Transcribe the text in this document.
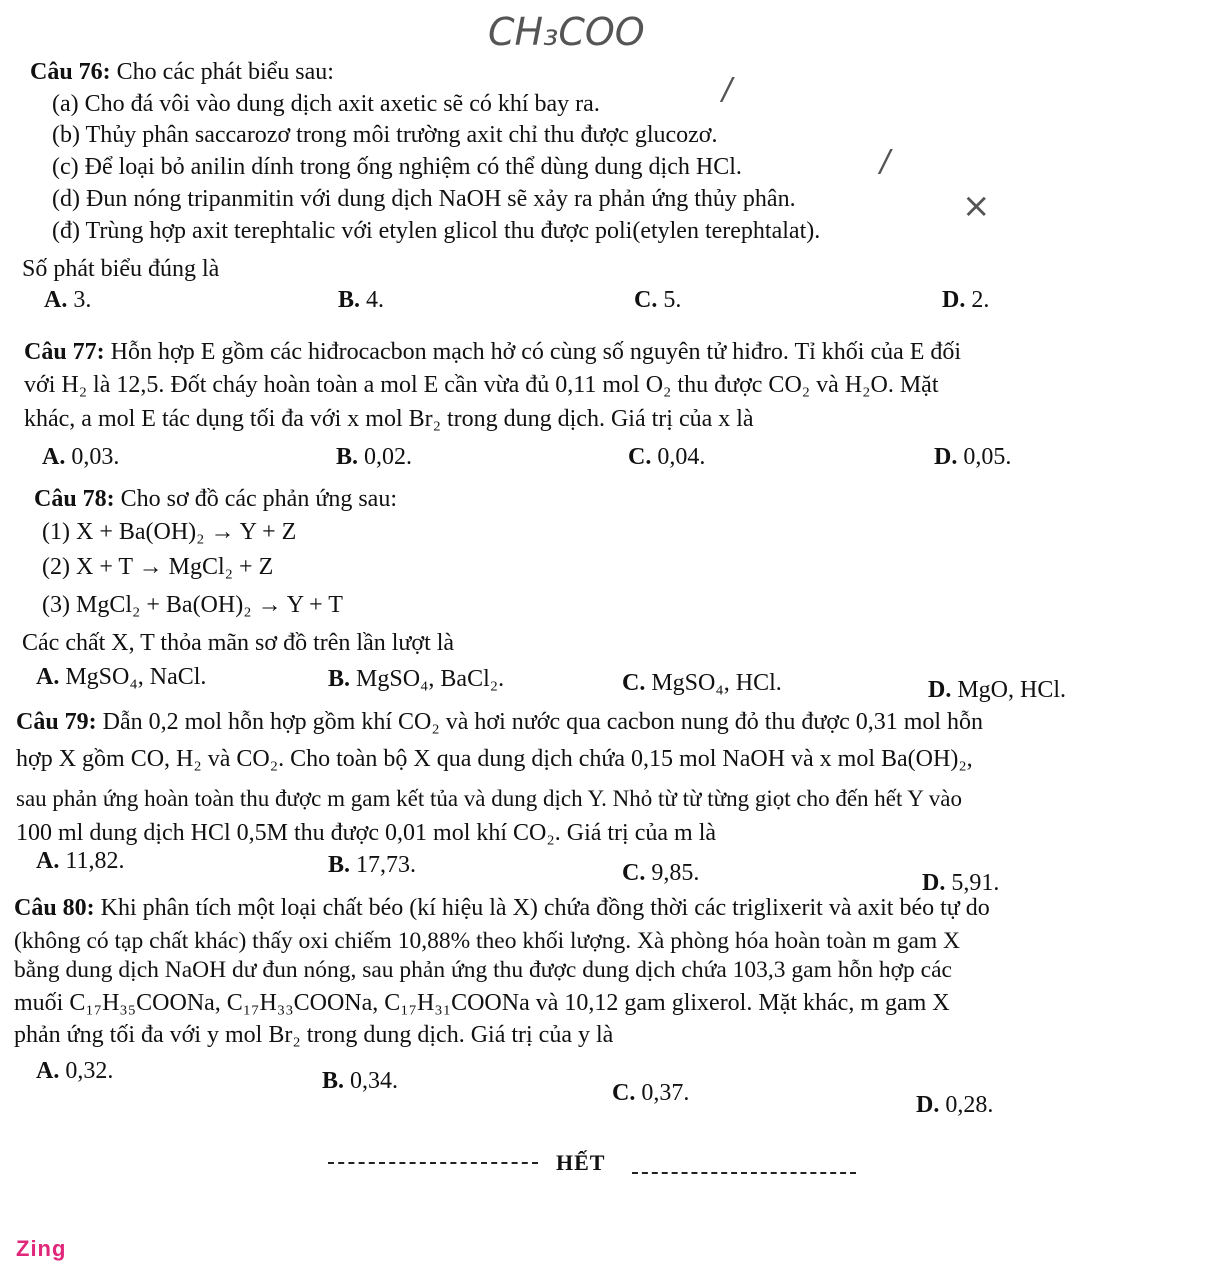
CH₃COO
/
/
×
Câu 76: Cho các phát biểu sau:
(a) Cho đá vôi vào dung dịch axit axetic sẽ có khí bay ra.
(b) Thủy phân saccarozơ trong môi trường axit chỉ thu được glucozơ.
(c) Để loại bỏ anilin dính trong ống nghiệm có thể dùng dung dịch HCl.
(d) Đun nóng tripanmitin với dung dịch NaOH sẽ xảy ra phản ứng thủy phân.
(đ) Trùng hợp axit terephtalic với etylen glicol thu được poli(etylen terephtalat).
Số phát biểu đúng là
A. 3.	B. 4.	C. 5.	D. 2.
Câu 77: Hỗn hợp E gồm các hiđrocacbon mạch hở có cùng số nguyên tử hiđro. Tỉ khối của E đối
với H₂ là 12,5. Đốt cháy hoàn toàn a mol E cần vừa đủ 0,11 mol O₂ thu được CO₂ và H₂O. Mặt
khác, a mol E tác dụng tối đa với x mol Br₂ trong dung dịch. Giá trị của x là
A. 0,03.	B. 0,02.	C. 0,04.	D. 0,05.
Câu 78: Cho sơ đồ các phản ứng sau:
(1) X + Ba(OH)₂ → Y + Z
(2) X + T → MgCl₂ + Z
(3) MgCl₂ + Ba(OH)₂ → Y + T
Các chất X, T thỏa mãn sơ đồ trên lần lượt là
A. MgSO₄, NaCl.	B. MgSO₄, BaCl₂.	C. MgSO₄, HCl.	D. MgO, HCl.
Câu 79: Dẫn 0,2 mol hỗn hợp gồm khí CO₂ và hơi nước qua cacbon nung đỏ thu được 0,31 mol hỗn
hợp X gồm CO, H₂ và CO₂. Cho toàn bộ X qua dung dịch chứa 0,15 mol NaOH và x mol Ba(OH)₂,
sau phản ứng hoàn toàn thu được m gam kết tủa và dung dịch Y. Nhỏ từ từ từng giọt cho đến hết Y vào
100 ml dung dịch HCl 0,5M thu được 0,01 mol khí CO₂. Giá trị của m là
A. 11,82.	B. 17,73.	C. 9,85.	D. 5,91.
Câu 80: Khi phân tích một loại chất béo (kí hiệu là X) chứa đồng thời các triglixerit và axit béo tự do
(không có tạp chất khác) thấy oxi chiếm 10,88% theo khối lượng. Xà phòng hóa hoàn toàn m gam X
bằng dung dịch NaOH dư đun nóng, sau phản ứng thu được dung dịch chứa 103,3 gam hỗn hợp các
muối C₁₇H₃₅COONa, C₁₇H₃₃COONa, C₁₇H₃₁COONa và 10,12 gam glixerol. Mặt khác, m gam X
phản ứng tối đa với y mol Br₂ trong dung dịch. Giá trị của y là
A. 0,32.	B. 0,34.	C. 0,37.	D. 0,28.
HẾT
Zing
